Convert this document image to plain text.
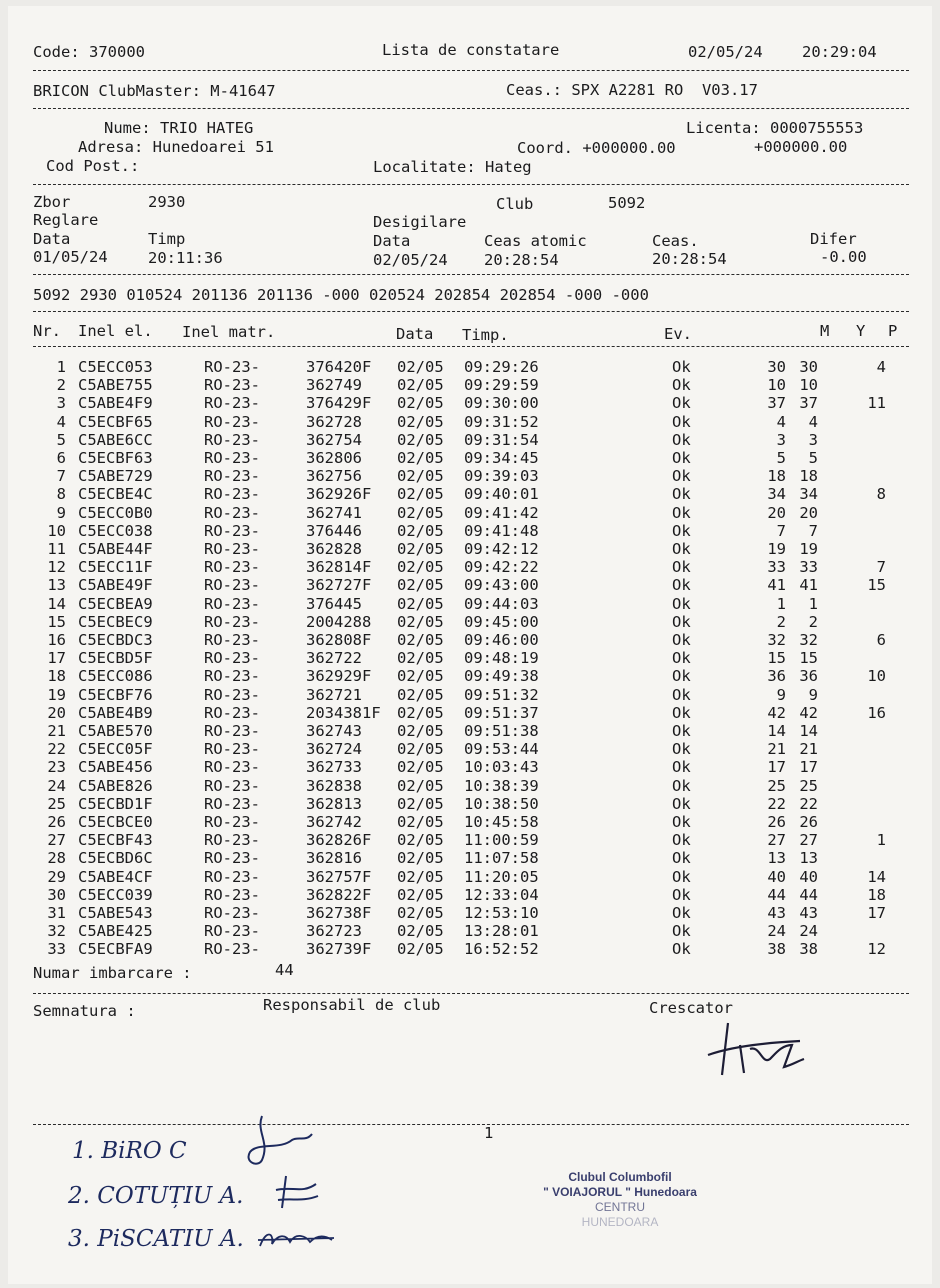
Code: 370000	Lista de constatare	02/05/24	20:29:04
BRICON ClubMaster: M-41647	Ceas.: SPX A2281 RO  V03.17
Nume: TRIO HATEG	Licenta: 0000755553
Adresa: Hunedoarei 51	Coord. +000000.00	+000000.00
Cod Post.:	Localitate: Hateg
Zbor	2930	Club	5092
Reglare	Desigilare
Data	Timp	Data	Ceas atomic	Ceas.	Difer
01/05/24	20:11:36	02/05/24 20:28:54	20:28:54	-0.00
5092 2930 010524 201136 201136 -000 020524 202854 202854 -000 -000
Nr. Inel el. Inel matr.	Data Timp.	Ev.	M Y P
1 C5ECC053	RO-23-	376420F 02/05 09:29:26	Ok	30 30	4
2 C5ABE755	RO-23-	362749 02/05 09:29:59	Ok	10 10
3 C5ABE4F9	RO-23-	376429F 02/05 09:30:00	Ok	37 37	11
4 C5ECBF65	RO-23-	362728 02/05 09:31:52	Ok	4 4
5 C5ABE6CC	RO-23-	362754 02/05 09:31:54	Ok	3 3
6 C5ECBF63	RO-23-	362806 02/05 09:34:45	Ok	5 5
7 C5ABE729	RO-23-	362756 02/05 09:39:03	Ok	18 18
8 C5ECBE4C	RO-23-	362926F 02/05 09:40:01	Ok	34 34	8
9 C5ECC0B0	RO-23-	362741 02/05 09:41:42	Ok	20 20
10 C5ECC038	RO-23-	376446 02/05 09:41:48	Ok	7 7
11 C5ABE44F	RO-23-	362828 02/05 09:42:12	Ok	19 19
12 C5ECC11F	RO-23-	362814F 02/05 09:42:22	Ok	33 33	7
13 C5ABE49F	RO-23-	362727F 02/05 09:43:00	Ok	41 41	15
14 C5ECBEA9	RO-23-	376445 02/05 09:44:03	Ok	1 1
15 C5ECBEC9	RO-23-	2004288 02/05 09:45:00	Ok	2 2
16 C5ECBDC3	RO-23-	362808F 02/05 09:46:00	Ok	32 32	6
17 C5ECBD5F	RO-23-	362722 02/05 09:48:19	Ok	15 15
18 C5ECC086	RO-23-	362929F 02/05 09:49:38	Ok	36 36	10
19 C5ECBF76	RO-23-	362721 02/05 09:51:32	Ok	9 9
20 C5ABE4B9	RO-23-	2034381F 02/05 09:51:37	Ok	42 42	16
21 C5ABE570	RO-23-	362743 02/05 09:51:38	Ok	14 14
22 C5ECC05F	RO-23-	362724 02/05 09:53:44	Ok	21 21
23 C5ABE456	RO-23-	362733 02/05 10:03:43	Ok	17 17
24 C5ABE826	RO-23-	362838 02/05 10:38:39	Ok	25 25
25 C5ECBD1F	RO-23-	362813 02/05 10:38:50	Ok	22 22
26 C5ECBCE0	RO-23-	362742 02/05 10:45:58	Ok	26 26
27 C5ECBF43	RO-23-	362826F 02/05 11:00:59	Ok	27 27	1
28 C5ECBD6C	RO-23-	362816 02/05 11:07:58	Ok	13 13
29 C5ABE4CF	RO-23-	362757F 02/05 11:20:05	Ok	40 40	14
30 C5ECC039	RO-23-	362822F 02/05 12:33:04	Ok	44 44	18
31 C5ABE543	RO-23-	362738F 02/05 12:53:10	Ok	43 43	17
32 C5ABE425	RO-23-	362723 02/05 13:28:01	Ok	24 24
33 C5ECBFA9	RO-23-	362739F 02/05 16:52:52	Ok	38 38	12
Numar imbarcare :	44
Semnatura :	Responsabil de club	Crescator
1
1. BiRO C
2. COTUȚIU A.
3. PiSCATIU A.
Clubul Columbofil
" VOIAJORUL " Hunedoara
CENTRU
HUNEDOARA
